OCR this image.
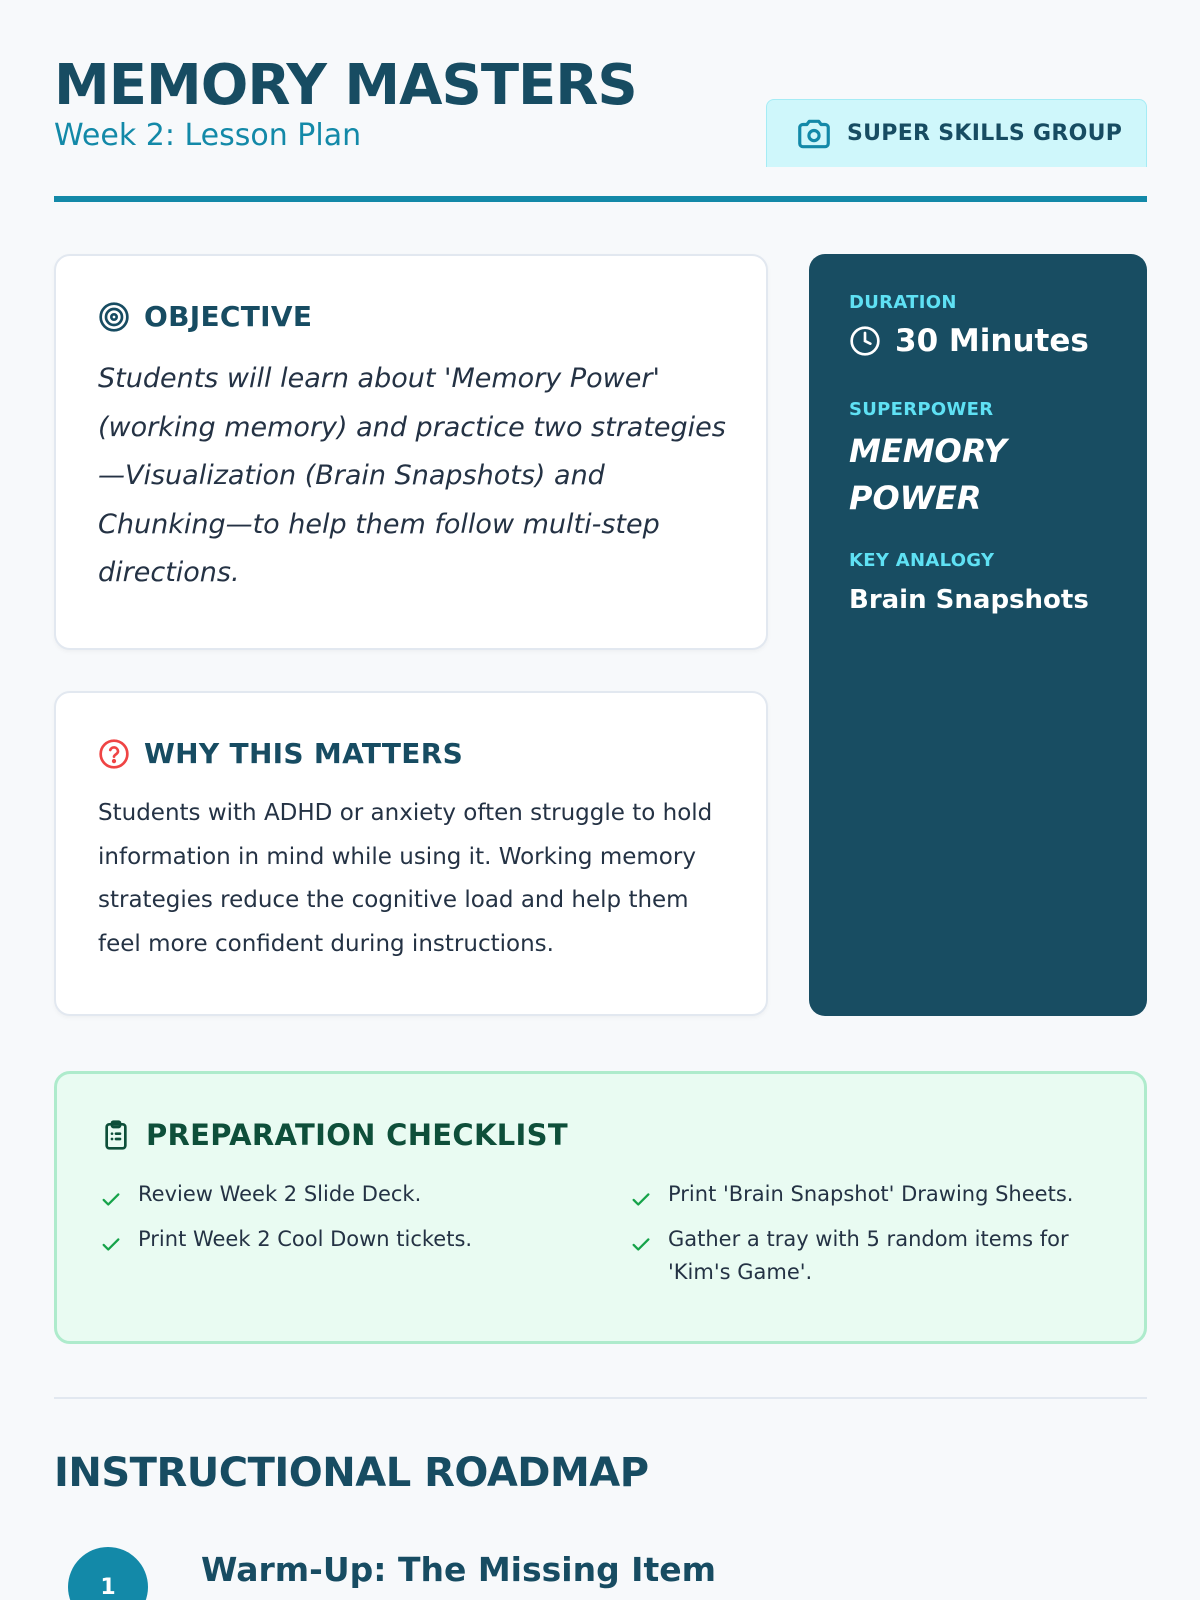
MEMORY MASTERS
Week 2: Lesson Plan	SUPER SKILLS GROUP
OBJECTIVE
Students will learn about 'Memory Power' (working memory) and practice two strategies —Visualization (Brain Snapshots) and Chunking—to help them follow multi-step directions.
WHY THIS MATTERS
Students with ADHD or anxiety often struggle to hold information in mind while using it. Working memory strategies reduce the cognitive load and help them feel more confident during instructions.
DURATION
30 Minutes
SUPERPOWER
MEMORY
POWER
KEY ANALOGY
Brain Snapshots
PREPARATION CHECKLIST
Review Week 2 Slide Deck.	Print 'Brain Snapshot' Drawing Sheets.
Print Week 2 Cool Down tickets.	Gather a tray with 5 random items for 'Kim's Game'.
INSTRUCTIONAL ROADMAP
1	Warm-Up: The Missing Item
